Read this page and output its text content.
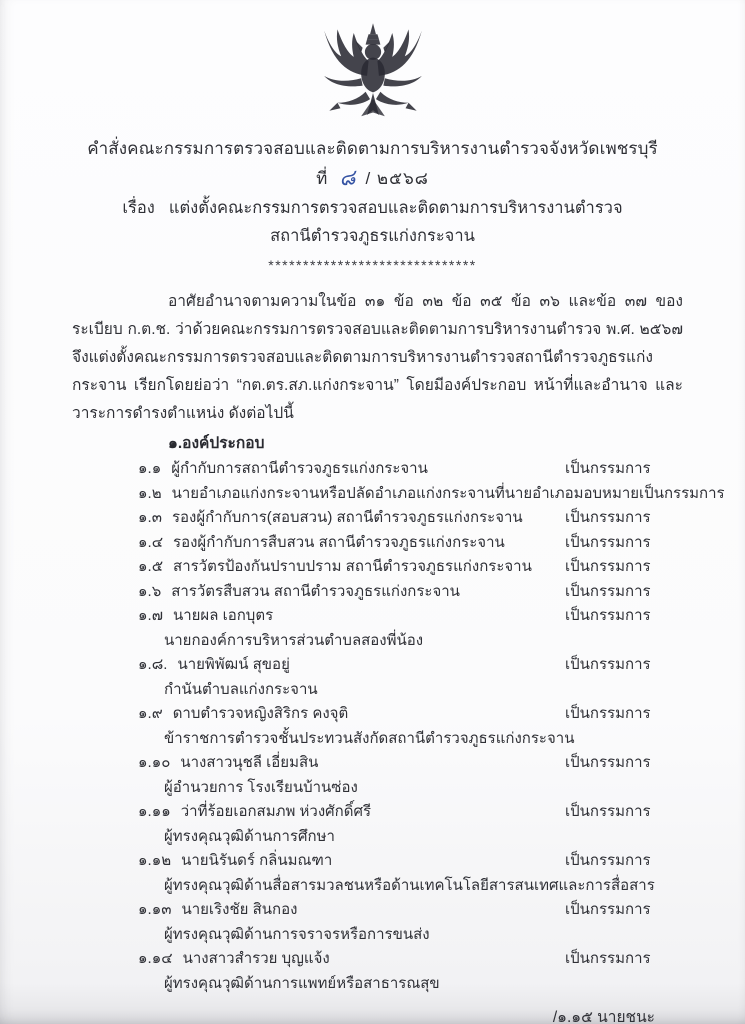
คำสั่งคณะกรรมการตรวจสอบและติดตามการบริหารงานตำรวจจังหวัดเพชรบุรี
ที่ ๘ / ๒๕๖๘
เรื่อง แต่งตั้งคณะกรรมการตรวจสอบและติดตามการบริหารงานตำรวจ
สถานีตำรวจภูธรแก่งกระจาน
******************************

อาศัยอำนาจตามความในข้อ ๓๑ ข้อ ๓๒ ข้อ ๓๕ ข้อ ๓๖ และข้อ ๓๗ ของระเบียบ ก.ต.ช. ว่าด้วยคณะกรรมการตรวจสอบและติดตามการบริหารงานตำรวจ พ.ศ. ๒๕๖๗ จึงแต่งตั้งคณะกรรมการตรวจสอบและติดตามการบริหารงานตำรวจสถานีตำรวจภูธรแก่งกระจาน เรียกโดยย่อว่า “กต.ตร.สภ.แก่งกระจาน” โดยมีองค์ประกอบ หน้าที่และอำนาจ และวาระการดำรงตำแหน่ง ดังต่อไปนี้

๑.องค์ประกอบ
๑.๑ ผู้กำกับการสถานีตำรวจภูธรแก่งกระจาน	เป็นกรรมการ
๑.๒ นายอำเภอแก่งกระจานหรือปลัดอำเภอแก่งกระจานที่นายอำเภอมอบหมายเป็นกรรมการ
๑.๓ รองผู้กำกับการ(สอบสวน) สถานีตำรวจภูธรแก่งกระจาน	เป็นกรรมการ
๑.๔ รองผู้กำกับการสืบสวน สถานีตำรวจภูธรแก่งกระจาน	เป็นกรรมการ
๑.๕ สารวัตรป้องกันปราบปราม สถานีตำรวจภูธรแก่งกระจาน	เป็นกรรมการ
๑.๖ สารวัตรสืบสวน สถานีตำรวจภูธรแก่งกระจาน	เป็นกรรมการ
๑.๗ นายผล เอกบุตร	เป็นกรรมการ
นายกองค์การบริหารส่วนตำบลสองพี่น้อง
๑.๘. นายพิพัฒน์ สุขอยู่	เป็นกรรมการ
กำนันตำบลแก่งกระจาน
๑.๙ ดาบตำรวจหญิงสิริกร คงจุติ	เป็นกรรมการ
ข้าราชการตำรวจชั้นประทวนสังกัดสถานีตำรวจภูธรแก่งกระจาน
๑.๑๐ นางสาวนุชลี เอี่ยมสิน	เป็นกรรมการ
ผู้อำนวยการ โรงเรียนบ้านซ่อง
๑.๑๑ ว่าที่ร้อยเอกสมภพ ห่วงศักดิ์ศรี	เป็นกรรมการ
ผู้ทรงคุณวุฒิด้านการศึกษา
๑.๑๒ นายนิรันดร์ กลิ่นมณฑา	เป็นกรรมการ
ผู้ทรงคุณวุฒิด้านสื่อสารมวลชนหรือด้านเทคโนโลยีสารสนเทศและการสื่อสาร
๑.๑๓ นายเริงชัย สินกอง	เป็นกรรมการ
ผู้ทรงคุณวุฒิด้านการจราจรหรือการขนส่ง
๑.๑๔ นางสาวสำรวย บุญแจ้ง	เป็นกรรมการ
ผู้ทรงคุณวุฒิด้านการแพทย์หรือสาธารณสุข
/๑.๑๕ นายชนะ
